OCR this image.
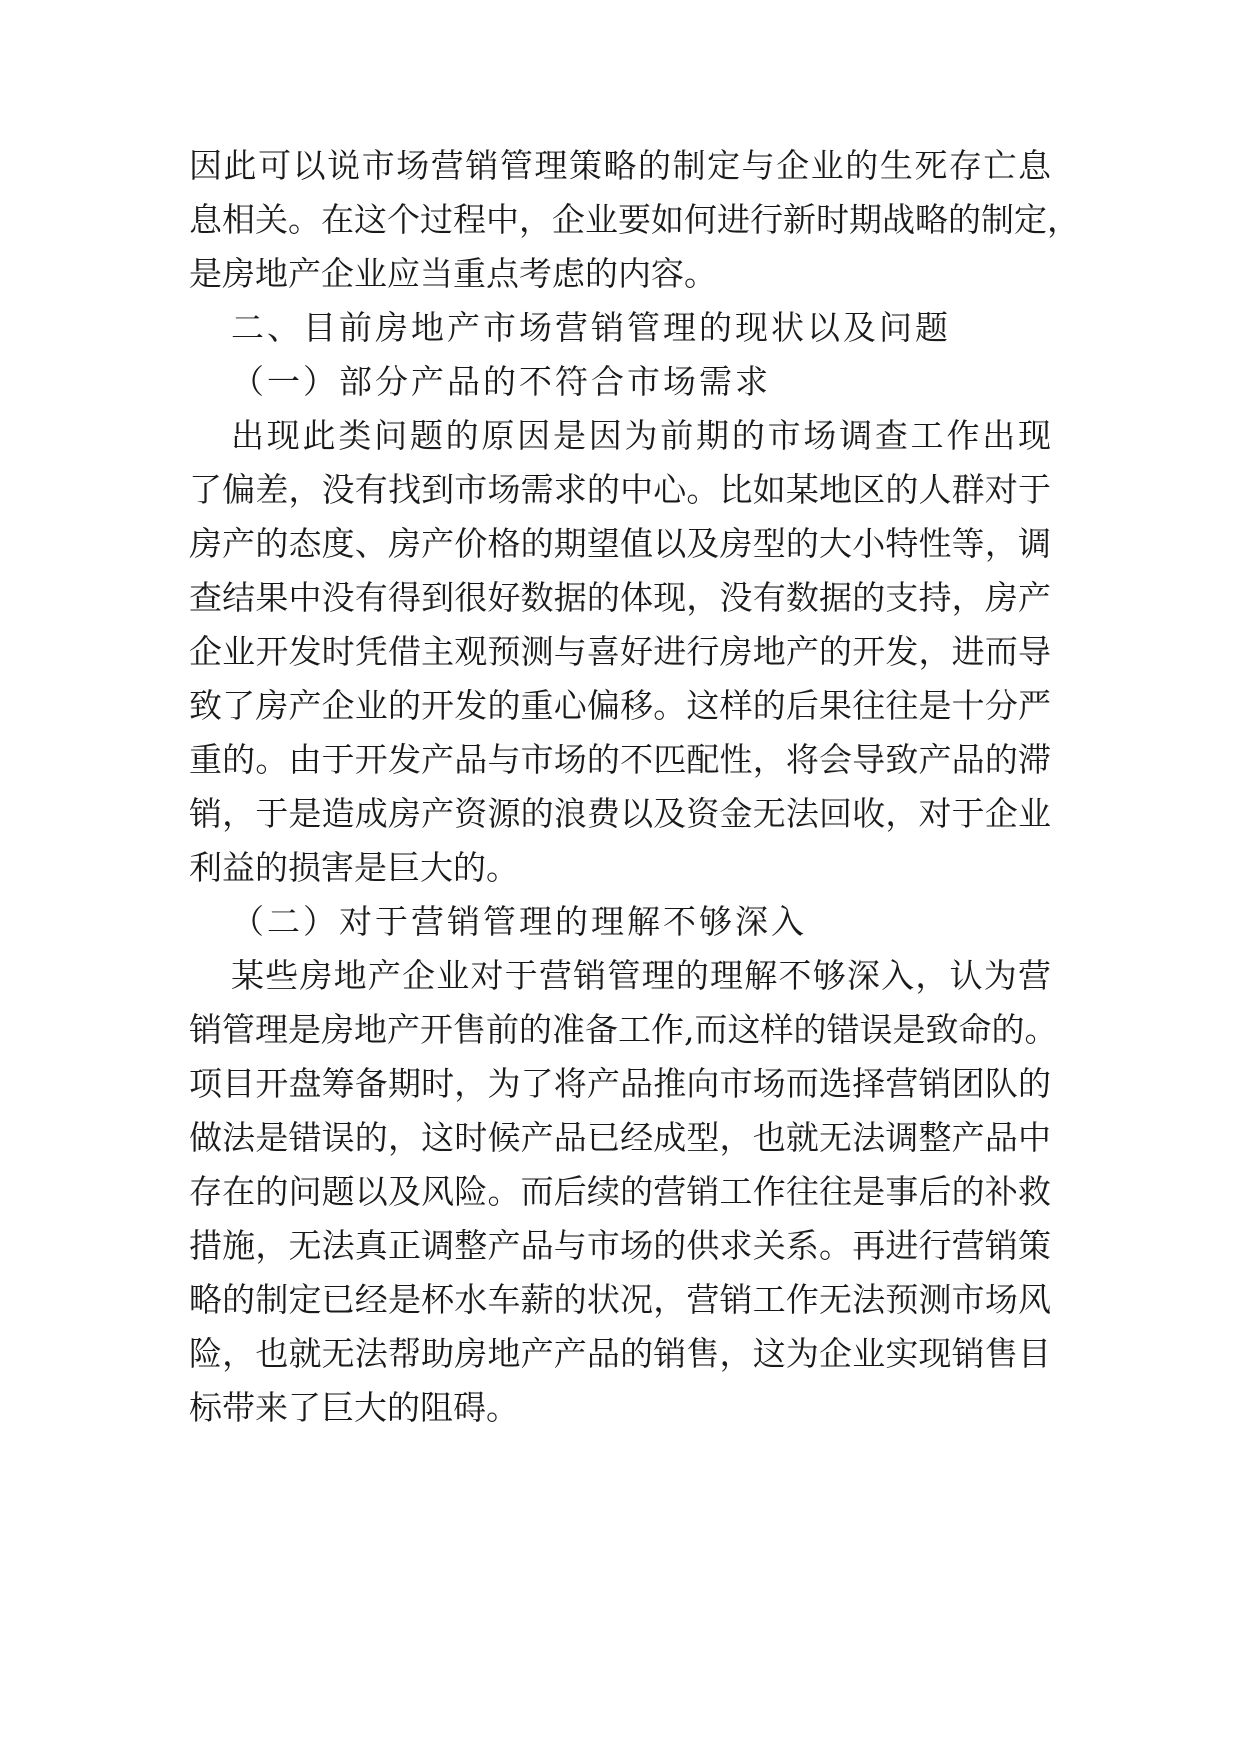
因此可以说市场营销管理策略的制定与企业的生死存亡息
息相关。在这个过程中，企业要如何进行新时期战略的制定，
是房地产企业应当重点考虑的内容。
二、目前房地产市场营销管理的现状以及问题
（一）部分产品的不符合市场需求
出现此类问题的原因是因为前期的市场调查工作出现
了偏差，没有找到市场需求的中心。比如某地区的人群对于
房产的态度、房产价格的期望值以及房型的大小特性等，调
查结果中没有得到很好数据的体现，没有数据的支持，房产
企业开发时凭借主观预测与喜好进行房地产的开发，进而导
致了房产企业的开发的重心偏移。这样的后果往往是十分严
重的。由于开发产品与市场的不匹配性，将会导致产品的滞
销，于是造成房产资源的浪费以及资金无法回收，对于企业
利益的损害是巨大的。
（二）对于营销管理的理解不够深入
某些房地产企业对于营销管理的理解不够深入，认为营
销管理是房地产开售前的准备工作,而这样的错误是致命的。
项目开盘筹备期时，为了将产品推向市场而选择营销团队的
做法是错误的，这时候产品已经成型，也就无法调整产品中
存在的问题以及风险。而后续的营销工作往往是事后的补救
措施，无法真正调整产品与市场的供求关系。再进行营销策
略的制定已经是杯水车薪的状况，营销工作无法预测市场风
险，也就无法帮助房地产产品的销售，这为企业实现销售目
标带来了巨大的阻碍。
